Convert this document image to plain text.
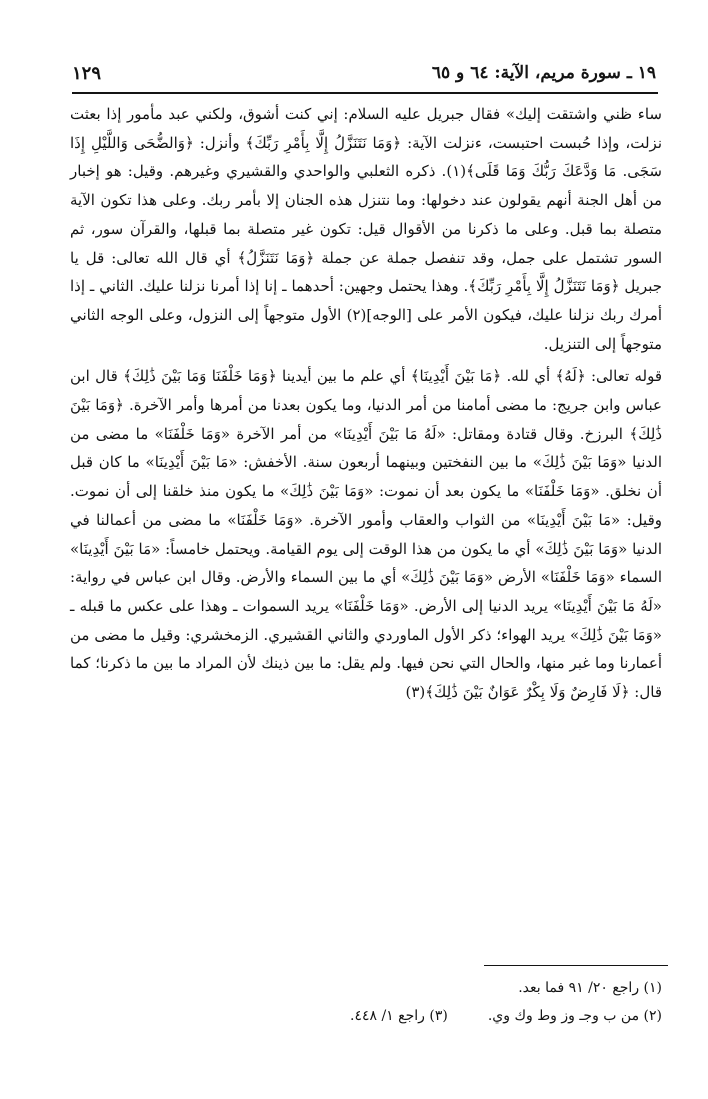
١٩ ـ سورة مريم، الآية: ٦٤ و ٦٥
١٢٩

ساء ظني واشتقت إليك» فقال جبريل عليه السلام: إني كنت أشوق، ولكني عبد مأمور إذا بعثت نزلت، وإذا حُبست احتبست، ءنزلت الآية: ﴿وَمَا نَتَنَزَّلُ إِلَّا بِأَمْرِ رَبِّكَ﴾ وأنزل: ﴿وَالضُّحَى وَاللَّيْلِ إِذَا سَجَى. مَا وَدَّعَكَ رَبُّكَ وَمَا قَلَى﴾(١). ذكره الثعلبي والواحدي والقشيري وغيرهم. وقيل: هو إخبار من أهل الجنة أنهم يقولون عند دخولها: وما نتنزل هذه الجنان إلا بأمر ربك. وعلى هذا تكون الآية متصلة بما قبل. وعلى ما ذكرنا من الأقوال قيل: تكون غير متصلة بما قبلها، والقرآن سور، ثم السور تشتمل على جمل، وقد تنفصل جملة عن جملة ﴿وَمَا نَتَنَزَّلُ﴾ أي قال الله تعالى: قل يا جبريل ﴿وَمَا نَتَنَزَّلُ إِلَّا بِأَمْرِ رَبِّكَ﴾. وهذا يحتمل وجهين: أحدهما ـ إنا إذا أمرنا نزلنا عليك. الثاني ـ إذا أمرك ربك نزلنا عليك، فيكون الأمر على [الوجه](٢) الأول متوجهاً إلى النزول، وعلى الوجه الثاني متوجهاً إلى التنزيل.

قوله تعالى: ﴿لَهُ﴾ أي لله. ﴿مَا بَيْنَ أَيْدِينَا﴾ أي علم ما بين أيدينا ﴿وَمَا خَلْفَنَا وَمَا بَيْنَ ذَٰلِكَ﴾ قال ابن عباس وابن جريج: ما مضى أمامنا من أمر الدنيا، وما يكون بعدنا من أمرها وأمر الآخرة. ﴿وَمَا بَيْنَ ذَٰلِكَ﴾ البرزخ. وقال قتادة ومقاتل: «لَهُ مَا بَيْنَ أَيْدِينَا» من أمر الآخرة «وَمَا خَلْفَنَا» ما مضى من الدنيا «وَمَا بَيْنَ ذَٰلِكَ» ما بين النفختين وبينهما أربعون سنة. الأخفش: «مَا بَيْنَ أَيْدِينَا» ما كان قبل أن نخلق. «وَمَا خَلْفَنَا» ما يكون بعد أن نموت: «وَمَا بَيْنَ ذَٰلِكَ» ما يكون منذ خلقنا إلى أن نموت. وقيل: «مَا بَيْنَ أَيْدِينَا» من الثواب والعقاب وأمور الآخرة. «وَمَا خَلْفَنَا» ما مضى من أعمالنا في الدنيا «وَمَا بَيْنَ ذَٰلِكَ» أي ما يكون من هذا الوقت إلى يوم القيامة. ويحتمل خامساً: «مَا بَيْنَ أَيْدِينَا» السماء «وَمَا خَلْفَنَا» الأرض «وَمَا بَيْنَ ذَٰلِكَ» أي ما بين السماء والأرض. وقال ابن عباس في رواية: «لَهُ مَا بَيْنَ أَيْدِينَا» يريد الدنيا إلى الأرض. «وَمَا خَلْفَنَا» يريد السموات ـ وهذا على عكس ما قبله ـ «وَمَا بَيْنَ ذَٰلِكَ» يريد الهواء؛ ذكر الأول الماوردي والثاني القشيري. الزمخشري: وقيل ما مضى من أعمارنا وما غبر منها، والحال التي نحن فيها. ولم يقل: ما بين ذينك لأن المراد ما بين ما ذكرنا؛ كما قال: ﴿لَا فَارِضٌ وَلَا بِكْرٌ عَوَانٌ بَيْنَ ذَٰلِكَ﴾(٣)

(١) راجع ٢٠/ ٩١ فما بعد.
(٢) من ب وجـ وز وط وك وي.
(٣) راجع ١/ ٤٤٨.
